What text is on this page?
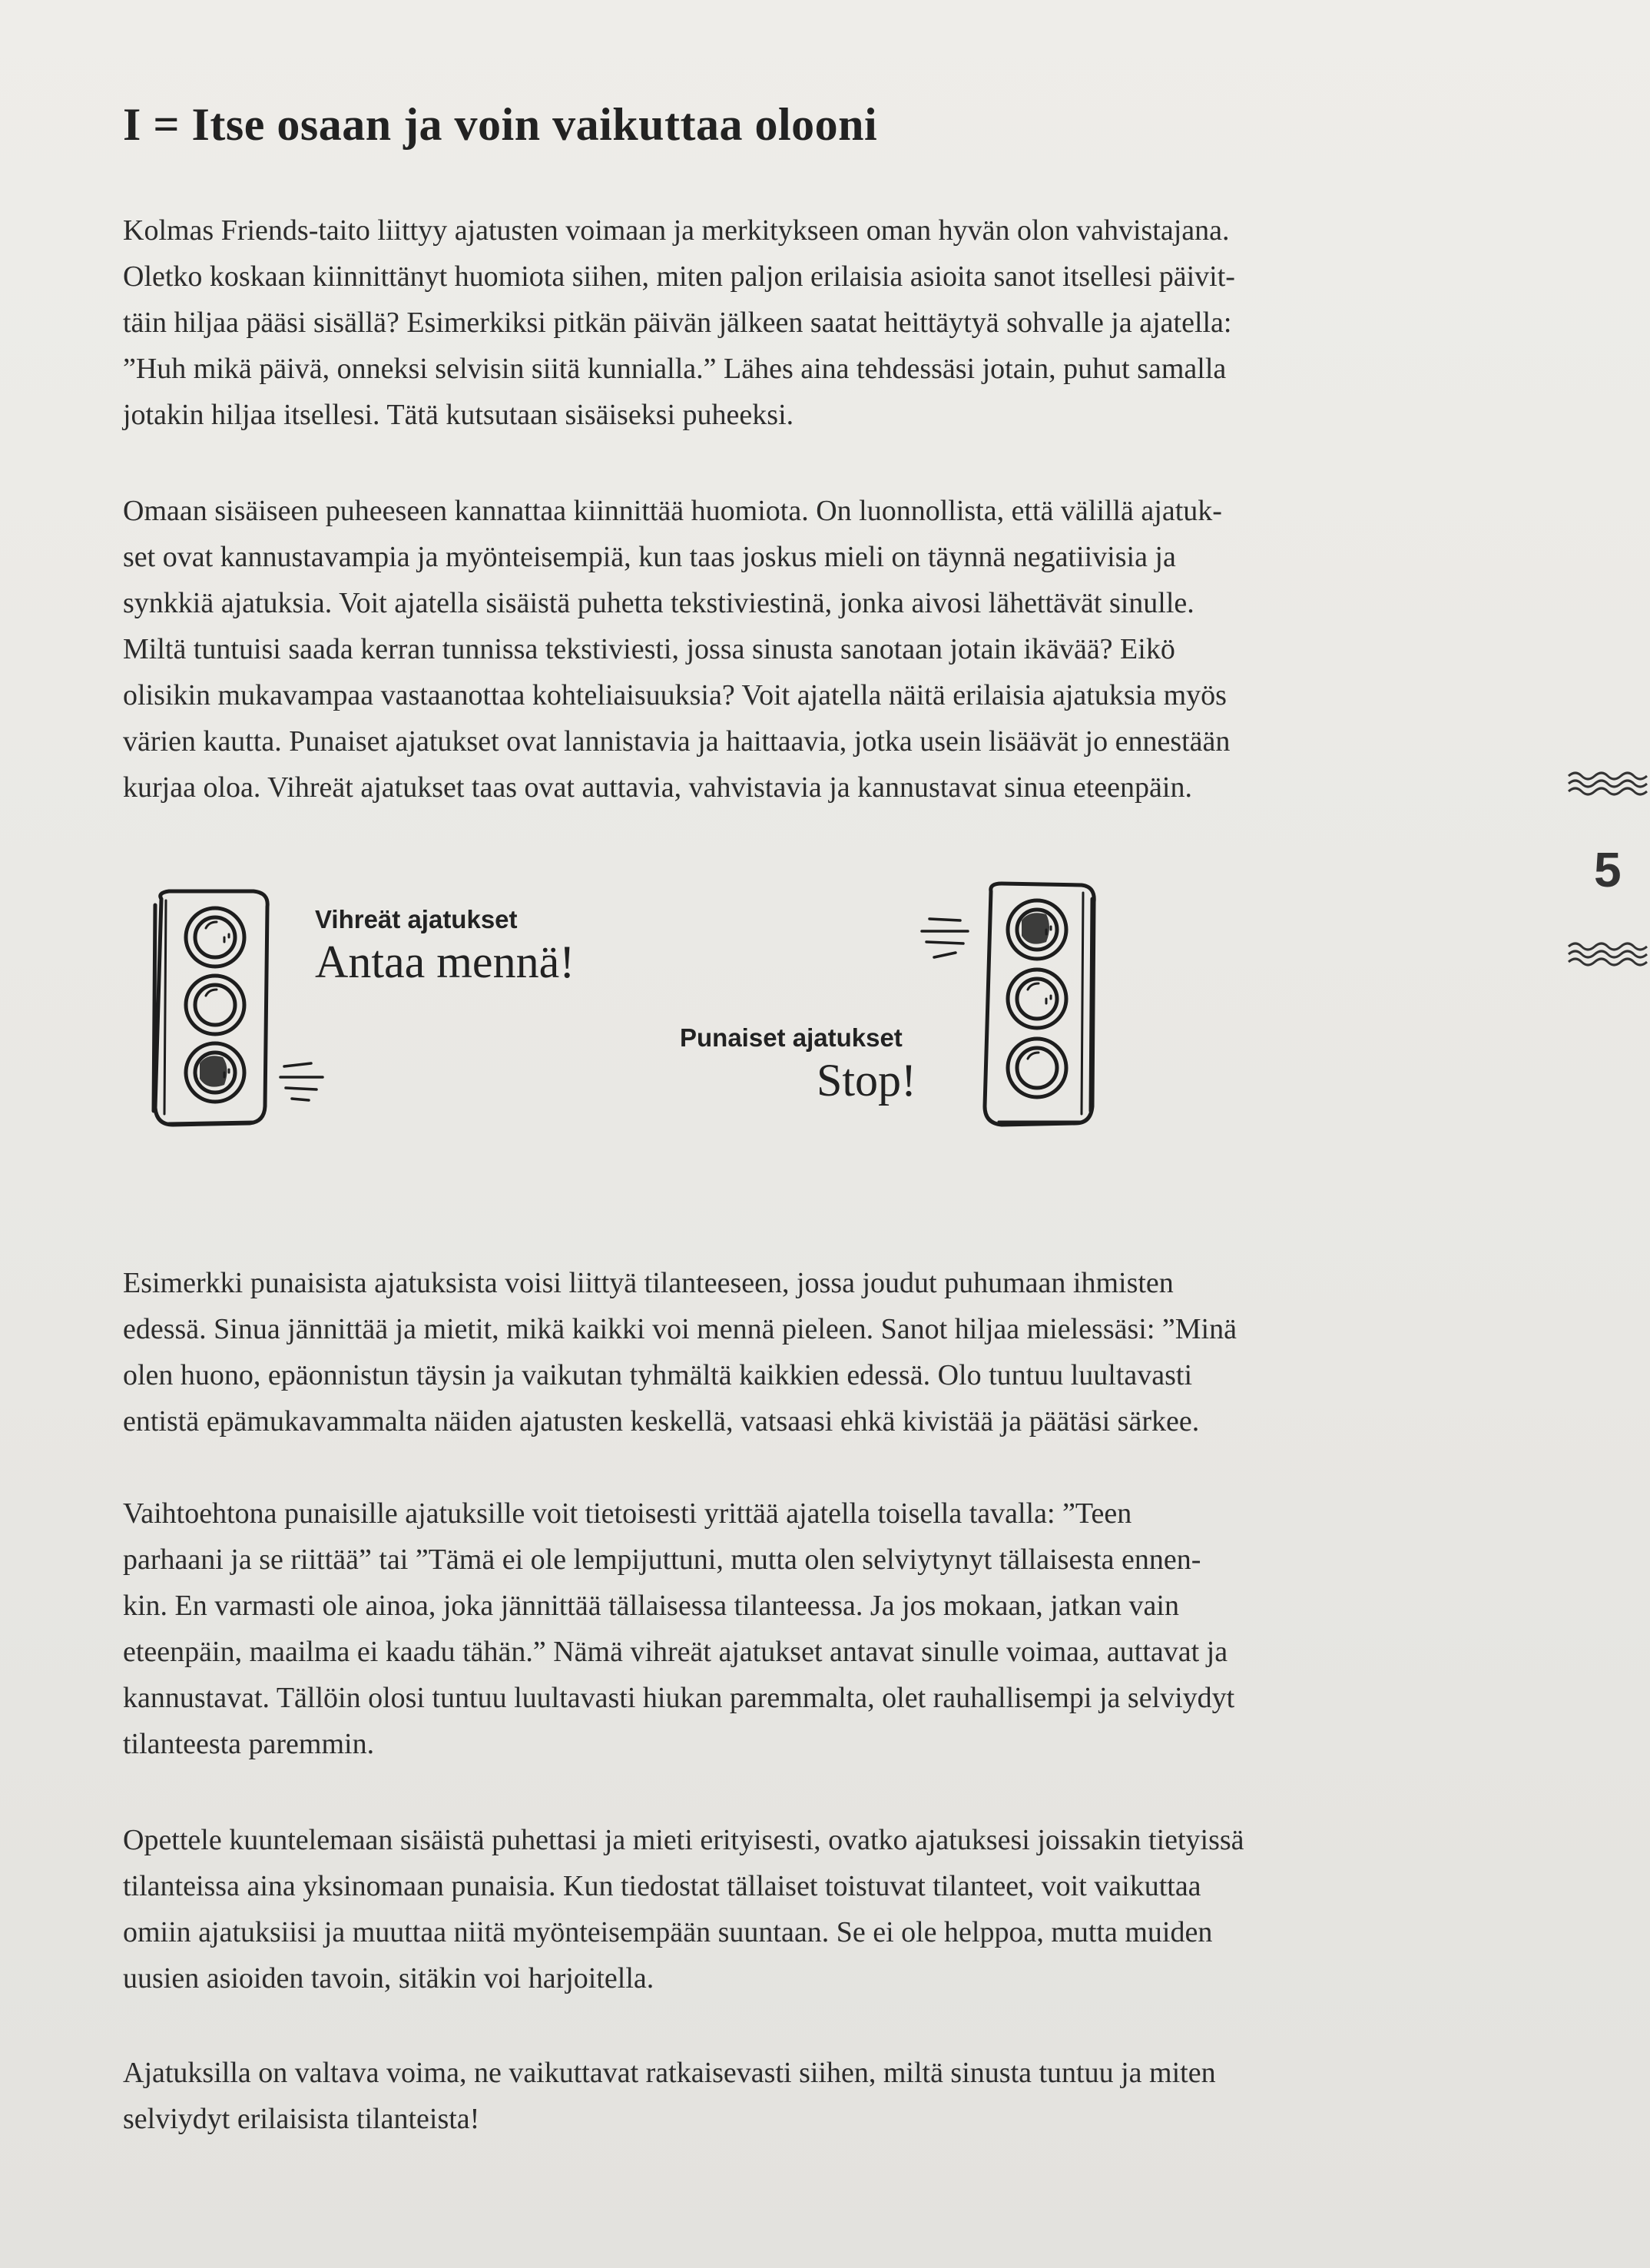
I = Itse osaan ja voin vaikuttaa olooni

Kolmas Friends-taito liittyy ajatusten voimaan ja merkitykseen oman hyvän olon vahvistajana.
Oletko koskaan kiinnittänyt huomiota siihen, miten paljon erilaisia asioita sanot itsellesi päivit-
täin hiljaa pääsi sisällä? Esimerkiksi pitkän päivän jälkeen saatat heittäytyä sohvalle ja ajatella:
”Huh mikä päivä, onneksi selvisin siitä kunnialla.” Lähes aina tehdessäsi jotain, puhut samalla
jotakin hiljaa itsellesi. Tätä kutsutaan sisäiseksi puheeksi.

Omaan sisäiseen puheeseen kannattaa kiinnittää huomiota. On luonnollista, että välillä ajatuk-
set ovat kannustavampia ja myönteisempiä, kun taas joskus mieli on täynnä negatiivisia ja
synkkiä ajatuksia. Voit ajatella sisäistä puhetta tekstiviestinä, jonka aivosi lähettävät sinulle.
Miltä tuntuisi saada kerran tunnissa tekstiviesti, jossa sinusta sanotaan jotain ikävää? Eikö
olisikin mukavampaa vastaanottaa kohteliaisuuksia? Voit ajatella näitä erilaisia ajatuksia myös
värien kautta. Punaiset ajatukset ovat lannistavia ja haittaavia, jotka usein lisäävät jo ennestään
kurjaa oloa. Vihreät ajatukset taas ovat auttavia, vahvistavia ja kannustavat sinua eteenpäin.

Vihreät ajatukset
Antaa mennä!
Punaiset ajatukset
Stop!

Esimerkki punaisista ajatuksista voisi liittyä tilanteeseen, jossa joudut puhumaan ihmisten
edessä. Sinua jännittää ja mietit, mikä kaikki voi mennä pieleen. Sanot hiljaa mielessäsi: ”Minä
olen huono, epäonnistun täysin ja vaikutan tyhmältä kaikkien edessä. Olo tuntuu luultavasti
entistä epämukavammalta näiden ajatusten keskellä, vatsaasi ehkä kivistää ja päätäsi särkee.

Vaihtoehtona punaisille ajatuksille voit tietoisesti yrittää ajatella toisella tavalla: ”Teen
parhaani ja se riittää” tai ”Tämä ei ole lempijuttuni, mutta olen selviytynyt tällaisesta ennen-
kin. En varmasti ole ainoa, joka jännittää tällaisessa tilanteessa. Ja jos mokaan, jatkan vain
eteenpäin, maailma ei kaadu tähän.” Nämä vihreät ajatukset antavat sinulle voimaa, auttavat ja
kannustavat. Tällöin olosi tuntuu luultavasti hiukan paremmalta, olet rauhallisempi ja selviydyt
tilanteesta paremmin.

Opettele kuuntelemaan sisäistä puhettasi ja mieti erityisesti, ovatko ajatuksesi joissakin tietyissä
tilanteissa aina yksinomaan punaisia. Kun tiedostat tällaiset toistuvat tilanteet, voit vaikuttaa
omiin ajatuksiisi ja muuttaa niitä myönteisempään suuntaan. Se ei ole helppoa, mutta muiden
uusien asioiden tavoin, sitäkin voi harjoitella.

Ajatuksilla on valtava voima, ne vaikuttavat ratkaisevasti siihen, miltä sinusta tuntuu ja miten
selviydyt erilaisista tilanteista!

5
